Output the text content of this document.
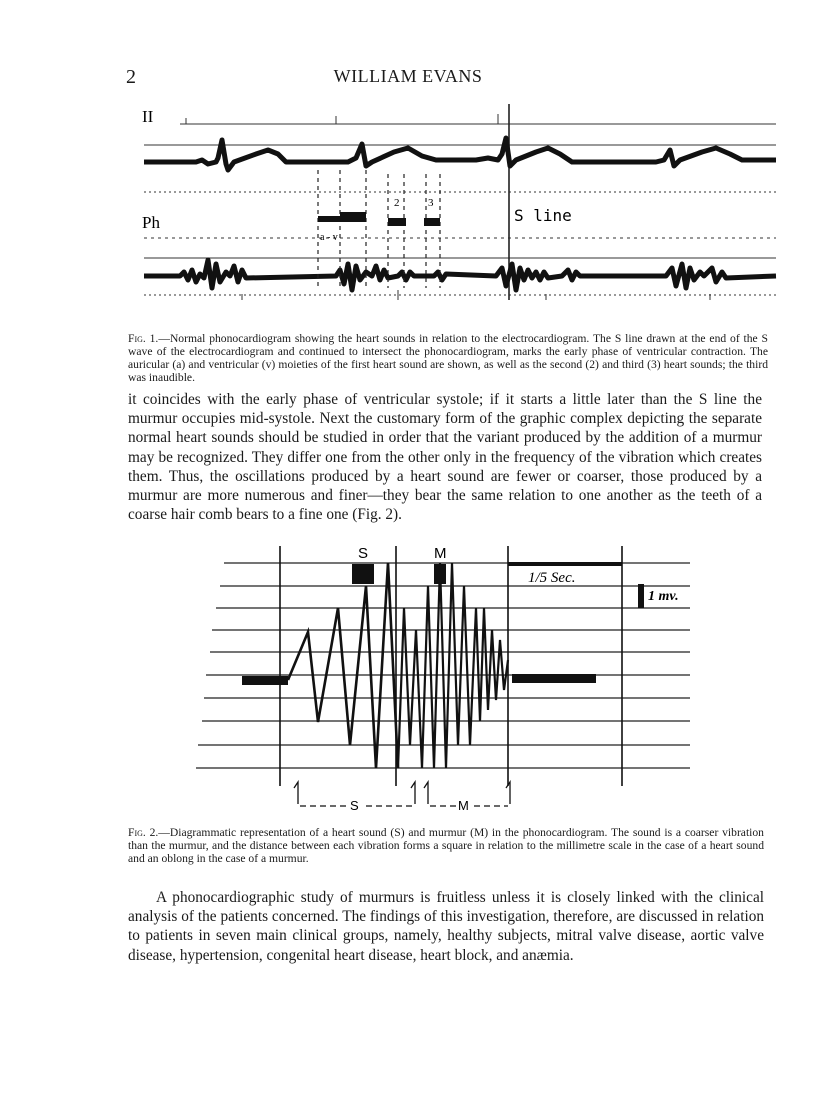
2	WILLIAM EVANS
II
Ph	S line
a - v
2	3
Fig. 1.—Normal phonocardiogram showing the heart sounds in relation to the electrocardiogram. The S line drawn at the end of the S wave of the electrocardiogram and continued to intersect the phonocardiogram, marks the early phase of ventricular contraction. The auricular (a) and ventricular (v) moieties of the first heart sound are shown, as well as the second (2) and third (3) heart sounds; the third was inaudible.
it coincides with the early phase of ventricular systole; if it starts a little later than the S line the murmur occupies mid-systole. Next the customary form of the graphic complex depicting the separate normal heart sounds should be studied in order that the variant produced by the addition of a murmur may be recognized. They differ one from the other only in the frequency of the vibration which creates them. Thus, the oscillations produced by a heart sound are fewer or coarser, those produced by a murmur are more numerous and finer—they bear the same relation to one another as the teeth of a coarse hair comb bears to a fine one (Fig. 2).
S	M
1/5 Sec.
1 mv.
S	M
Fig. 2.—Diagrammatic representation of a heart sound (S) and murmur (M) in the phonocardiogram. The sound is a coarser vibration than the murmur, and the distance between each vibration forms a square in relation to the millimetre scale in the case of a heart sound and an oblong in the case of a murmur.
A phonocardiographic study of murmurs is fruitless unless it is closely linked with the clinical analysis of the patients concerned. The findings of this investigation, therefore, are discussed in relation to patients in seven main clinical groups, namely, healthy subjects, mitral valve disease, aortic valve disease, hypertension, congenital heart disease, heart block, and anæmia.
